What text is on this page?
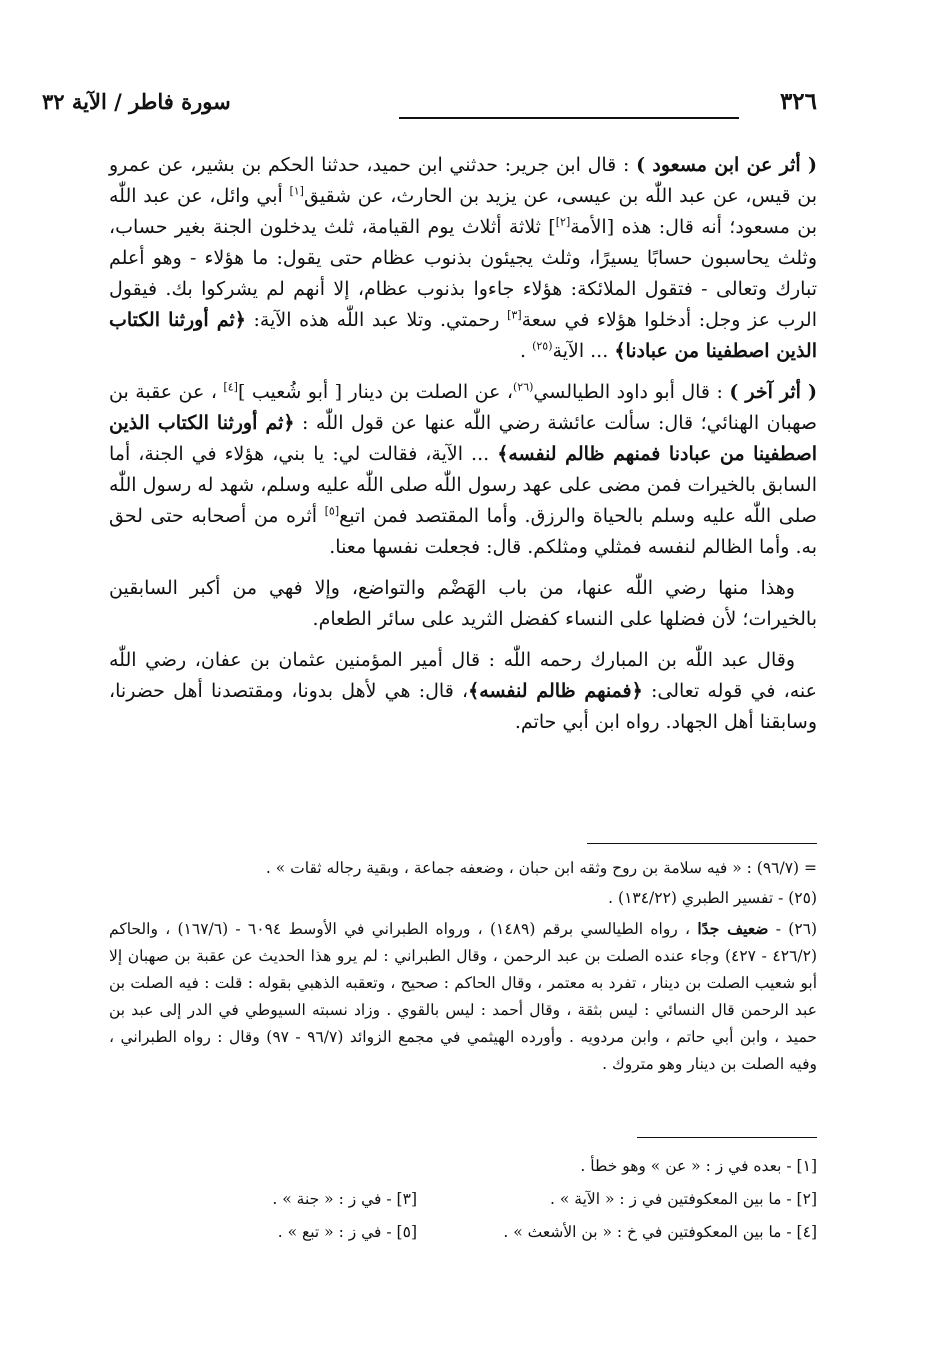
٣٢٦
سورة فاطر / الآية ٣٢

( أثر عن ابن مسعود ) : قال ابن جرير: حدثني ابن حميد، حدثنا الحكم بن بشير، عن عمرو بن قيس، عن عبد اللّٰه بن عيسى، عن يزيد بن الحارث، عن شقيق[١] أبي وائل، عن عبد اللّٰه بن مسعود؛ أنه قال: هذه [الأمة[٢]] ثلاثة أثلاث يوم القيامة، ثلث يدخلون الجنة بغير حساب، وثلث يحاسبون حسابًا يسيرًا، وثلث يجيئون بذنوب عظام حتى يقول: ما هؤلاء - وهو أعلم تبارك وتعالى - فتقول الملائكة: هؤلاء جاءوا بذنوب عظام، إلا أنهم لم يشركوا بك. فيقول الرب عز وجل: أدخلوا هؤلاء في سعة[٣] رحمتي. وتلا عبد اللّٰه هذه الآية: ﴿ثم أورثنا الكتاب الذين اصطفينا من عبادنا﴾ ... الآية$^{(٢٥)}$ .

( أثر آخر ) : قال أبو داود الطيالسي$^{(٢٦)}$، عن الصلت بن دينار [ أبو شُعيب ][٤] ، عن عقبة بن صهبان الهنائي؛ قال: سألت عائشة رضي اللّٰه عنها عن قول اللّٰه : ﴿ثم أورثنا الكتاب الذين اصطفينا من عبادنا فمنهم ظالم لنفسه﴾ ... الآية، فقالت لي: يا بني، هؤلاء في الجنة، أما السابق بالخيرات فمن مضى على عهد رسول اللّٰه صلى اللّٰه عليه وسلم، شهد له رسول اللّٰه صلى اللّٰه عليه وسلم بالحياة والرزق. وأما المقتصد فمن اتبع[٥] أثره من أصحابه حتى لحق به. وأما الظالم لنفسه فمثلي ومثلكم. قال: فجعلت نفسها معنا.

وهذا منها رضي اللّٰه عنها، من باب الهَضْم والتواضع، وإلا فهي من أكبر السابقين بالخيرات؛ لأن فضلها على النساء كفضل الثريد على سائر الطعام.

وقال عبد اللّٰه بن المبارك رحمه اللّٰه : قال أمير المؤمنين عثمان بن عفان، رضي اللّٰه عنه، في قوله تعالى: ﴿فمنهم ظالم لنفسه﴾، قال: هي لأهل بدونا، ومقتصدنا أهل حضرنا، وسابقنا أهل الجهاد. رواه ابن أبي حاتم.

= (٩٦/٧) : « فيه سلامة بن روح وثقه ابن حبان ، وضعفه جماعة ، وبقية رجاله ثقات » .

(٢٥) - تفسير الطبري (١٣٤/٢٢) .

(٢٦) - ضعيف جدًا ، رواه الطيالسي برقم (١٤٨٩) ، ورواه الطبراني في الأوسط ٦٠٩٤ - (١٦٧/٦) ، والحاكم (٤٢٦/٢ - ٤٢٧) وجاء عنده الصلت بن عبد الرحمن ، وقال الطبراني : لم يرو هذا الحديث عن عقبة بن صهبان إلا أبو شعيب الصلت بن دينار ، تفرد به معتمر ، وقال الحاكم : صحيح ، وتعقبه الذهبي بقوله : قلت : فيه الصلت بن عبد الرحمن قال النسائي : ليس بثقة ، وقال أحمد : ليس بالقوي . وزاد نسبته السيوطي في الدر إلى عبد بن حميد ، وابن أبي حاتم ، وابن مردويه . وأورده الهيثمي في مجمع الزوائد (٩٦/٧ - ٩٧) وقال : رواه الطبراني ، وفيه الصلت بن دينار وهو متروك .

[١] - بعده في ز : « عن » وهو خطأ .
[٢] - ما بين المعكوفتين في ز : « الآية » .
[٣] - في ز : « جنة » .
[٤] - ما بين المعكوفتين في خ : « بن الأشعث » .
[٥] - في ز : « تبع » .
